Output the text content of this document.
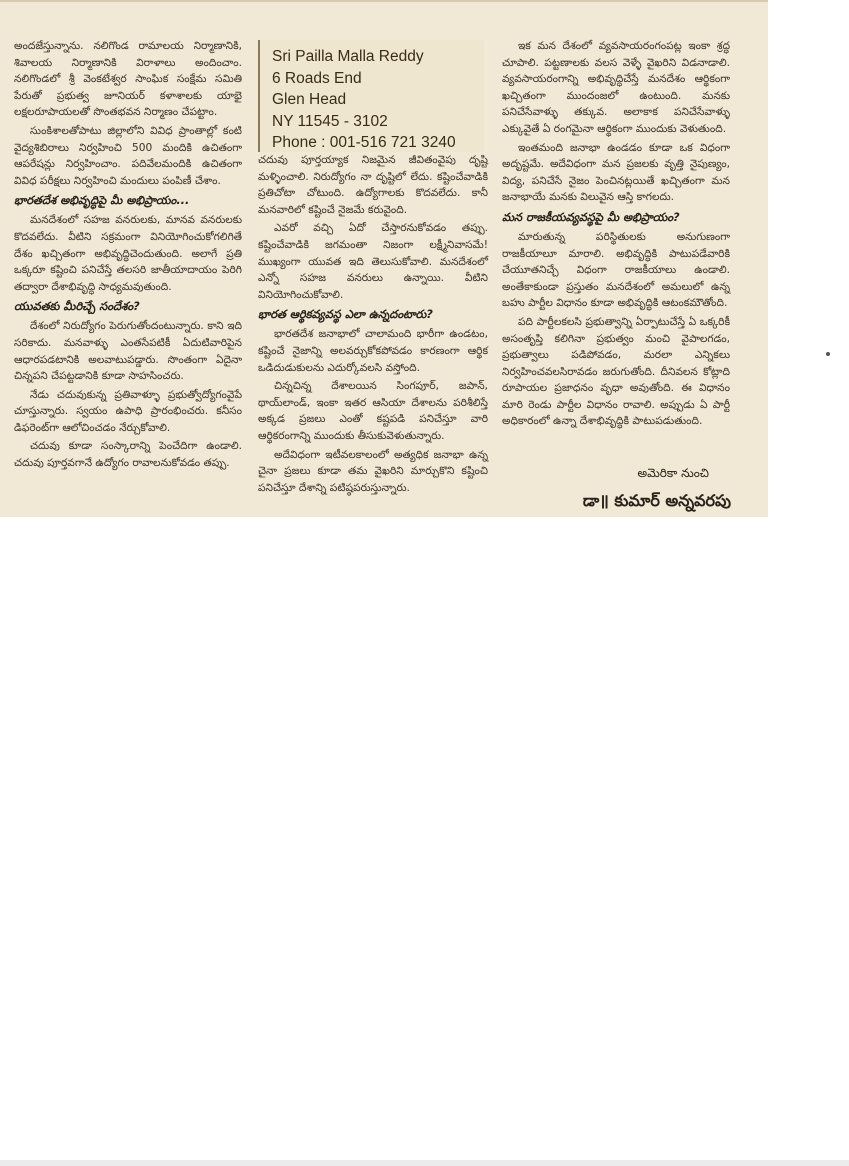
అందజేస్తున్నాను. నలిగొండ రామాలయ నిర్మాణానికి, శివాలయ నిర్మాణానికి విరాళాలు అందించాం. నలిగొండలో శ్రీ వెంకటేశ్వర సాంఘిక సంక్షేమ సమితి పేరుతో ప్రభుత్వ జూనియర్ కళాశాలకు యాభై లక్షలరూపాయలతో సొంతభవన నిర్మాణం చేపట్టాం.

సుంకిశాలతోపాటు జిల్లాలోని వివిధ ప్రాంతాల్లో కంటి వైద్యశిబిరాలు నిర్వహించి 500 మందికి ఉచితంగా ఆపరేషన్లు నిర్వహించాం. పదివేలమందికి ఉచితంగా వివిధ పరీక్షలు నిర్వహించి మందులు పంపిణీ చేశాం.

భారతదేశ అభివృద్ధిపై మీ అభిప్రాయం...

మనదేశంలో సహజ వనరులకు, మానవ వనరులకు కొదవలేదు. వీటిని సక్రమంగా వినియోగించుకోగలిగితే దేశం ఖచ్చితంగా అభివృద్ధిచెందుతుంది. అలాగే ప్రతి ఒక్కరూ కష్టించి పనిచేస్తే తలసరి జాతీయాదాయం పెరిగి తద్వారా దేశాభివృద్ధి సాధ్యమవుతుంది.

యువతకు మీరిచ్చే సందేశం?

దేశంలో నిరుద్యోగం పెరుగుతోందంటున్నారు. కాని ఇది సరికాదు. మనవాళ్ళు ఎంతసేపటికీ ఏదుటివారిపైన ఆధారపడటానికి అలవాటుపడ్డారు. సొంతంగా ఏదైనా చిన్నపని చేపట్టడానికి కూడా సాహసించరు.

నేడు చదువుకున్న ప్రతివాళ్ళూ ప్రభుత్వోద్యోగంవైపే చూస్తున్నారు. స్వయం ఉపాధి ప్రారంభించరు. కనీసం డిఫరెంట్‌గా ఆలోచించడం నేర్చుకోవాలి.

చదువు కూడా సంస్కారాన్ని పెంచేదిగా ఉండాలి. చదువు పూర్తవగానే ఉద్యోగం రావాలనుకోవడం తప్పు.

Sri Pailla Malla Reddy
6 Roads End
Glen Head
NY 11545 - 3102
Phone : 001-516 721 3240

చదువు పూర్తయ్యాక నిజమైన జీవితంవైపు దృష్టి మళ్ళించాలి. నిరుద్యోగం నా దృష్టిలో లేదు. కష్టించేవాడికి ప్రతిచోటా చోటుంది. ఉద్యోగాలకు కొదవలేదు. కానీ మనవారిలో కష్టించే నైజమే కరువైంది.

ఎవరో వచ్చి ఏదో చేస్తారనుకోవడం తప్పు. కష్టించేవాడికి జగమంతా నిజంగా లక్ష్మీనివాసమే! ముఖ్యంగా యువత ఇది తెలుసుకోవాలి. మనదేశంలో ఎన్నో సహజ వనరులు ఉన్నాయి. వీటిని వినియోగించుకోవాలి.

భారత ఆర్థికవ్యవస్థ ఎలా ఉన్నదంటారు?

భారతదేశ జనాభాలో చాలామంది భారీగా ఉండటం, కష్టించే నైజాన్ని అలవర్చుకోకపోవడం కారణంగా ఆర్థిక ఒడిదుడుకులను ఎదుర్కోవలసి వస్తోంది.

చిన్నచిన్న దేశాలయిన సింగపూర్, జపాన్, థాయ్‌లాండ్, ఇంకా ఇతర ఆసియా దేశాలను పరిశీలిస్తే అక్కడ ప్రజలు ఎంతో కష్టపడి పనిచేస్తూ వారి ఆర్థికరంగాన్ని ముందుకు తీసుకువెళుతున్నారు.

అదేవిధంగా ఇటీవలకాలంలో అత్యధిక జనాభా ఉన్న చైనా ప్రజలు కూడా తమ వైఖరిని మార్చుకొని కష్టించి పనిచేస్తూ దేశాన్ని పటిష్ఠపరుస్తున్నారు.

ఇక మన దేశంలో వ్యవసాయరంగంపట్ల ఇంకా శ్రద్ధ చూపాలి. పట్టణాలకు వలస వెళ్ళే వైఖరిని విడనాడాలి. వ్యవసాయరంగాన్ని అభివృద్ధిచేస్తే మనదేశం ఆర్థికంగా ఖచ్చితంగా ముందంజలో ఉంటుంది. మనకు పనిచేసేవాళ్ళు తక్కువ. అలాకాక పనిచేసేవాళ్ళు ఎక్కువైతే ఏ రంగమైనా ఆర్థికంగా ముందుకు వెళుతుంది.

ఇంతమంది జనాభా ఉండడం కూడా ఒక విధంగా అదృష్టమే. అదేవిధంగా మన ప్రజలకు వృత్తి నైపుణ్యం, విద్య, పనిచేసే నైజం పెంచినట్లయితే ఖచ్చితంగా మన జనాభాయే మనకు విలువైన ఆస్తి కాగలదు.

మన రాజకీయవ్యవస్థపై మీ అభిప్రాయం?

మారుతున్న పరిస్థితులకు అనుగుణంగా రాజకీయాలూ మారాలి. అభివృద్ధికి పాటుపడేవారికి చేయూతనిచ్చే విధంగా రాజకీయాలు ఉండాలి. అంతేకాకుండా ప్రస్తుతం మనదేశంలో అమలులో ఉన్న బహు పార్టీల విధానం కూడా అభివృద్ధికి ఆటంకమౌతోంది.

పది పార్టీలకలసి ప్రభుత్వాన్ని ఏర్పాటుచేస్తే ఏ ఒక్కరికీ అసంతృప్తి కలిగినా ప్రభుత్వం మంచి వైపాలగడం, ప్రభుత్వాలు పడిపోవడం, మరలా ఎన్నికలు నిర్వహించవలసిరావడం జరుగుతోంది. దీనివలన కోట్లాది రూపాయల ప్రజాధనం వృధా అవుతోంది. ఈ విధానం మారి రెండు పార్టీల విధానం రావాలి. అప్పుడు ఏ పార్టీ అధికారంలో ఉన్నా దేశాభివృద్ధికి పాటుపడుతుంది.

అమెరికా నుంచి
డా॥ కుమార్ అన్నవరపు
